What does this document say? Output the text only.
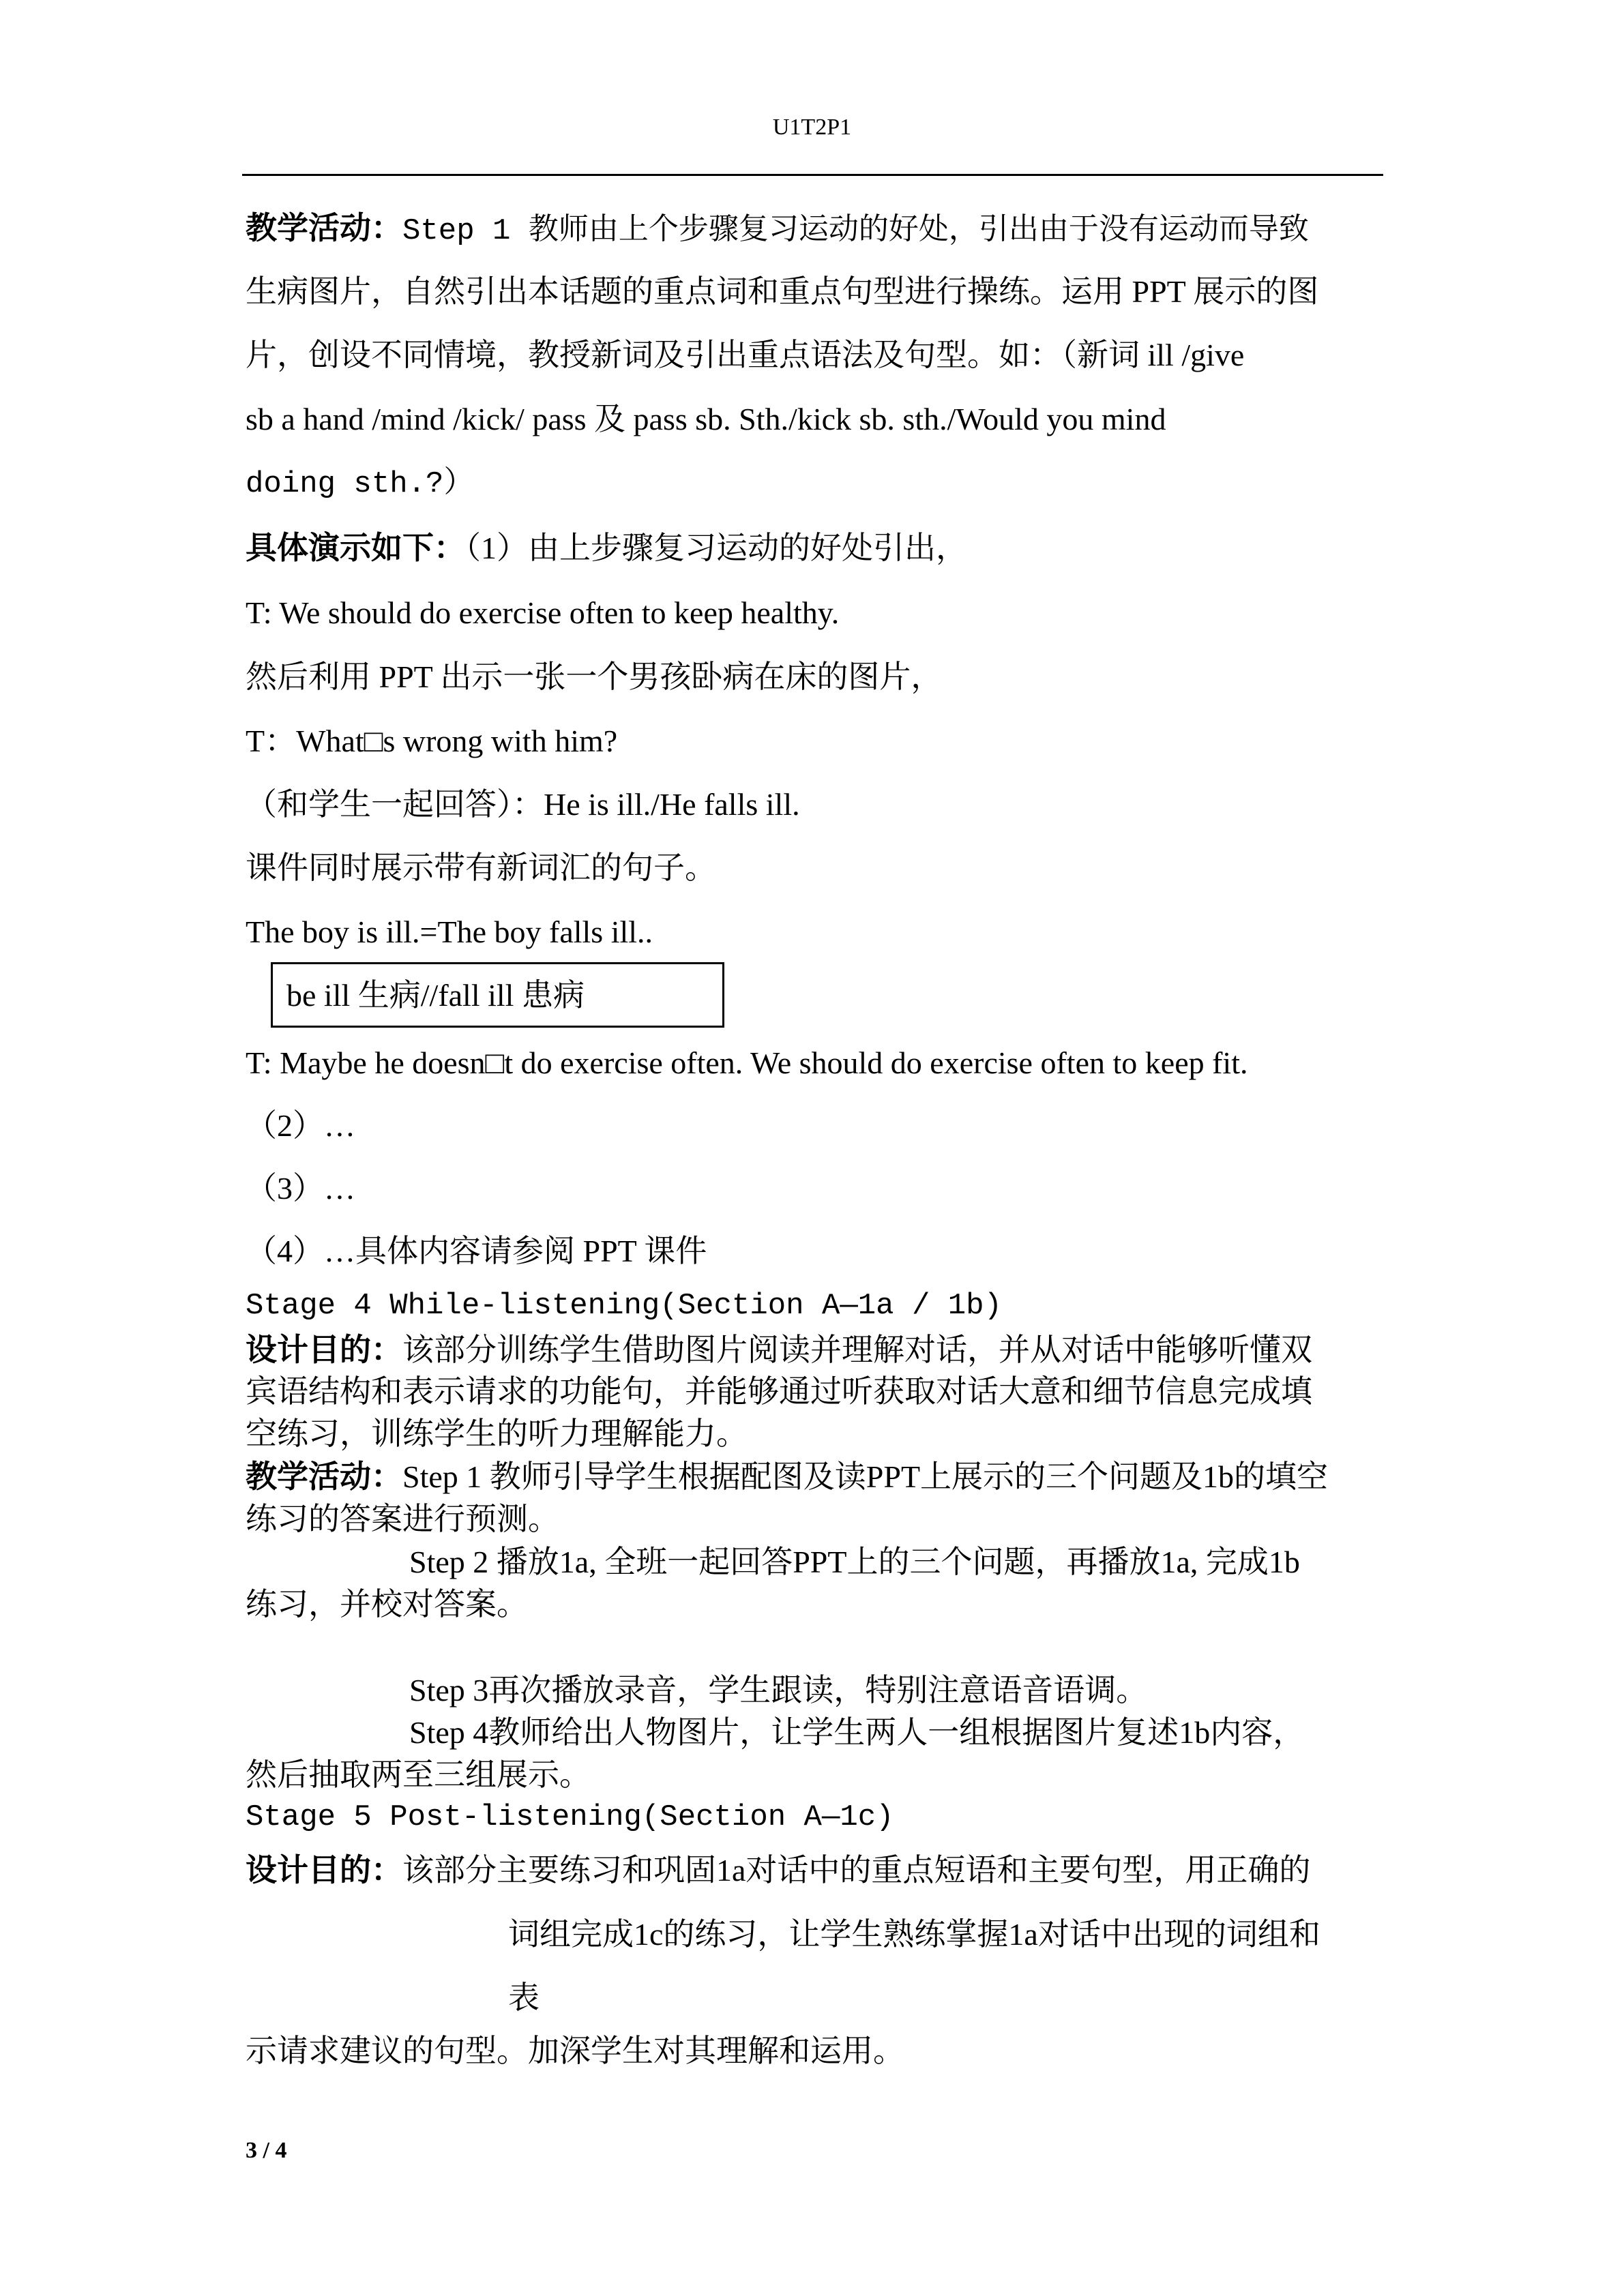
U1T2P1

教学活动：Step 1 教师由上个步骤复习运动的好处，引出由于没有运动而导致

生病图片，自然引出本话题的重点词和重点句型进行操练。运用 PPT 展示的图

片，创设不同情境，教授新词及引出重点语法及句型。如：（新词 ill /give

sb a hand /mind /kick/ pass 及 pass sb. Sth./kick sb. sth./Would you mind

doing sth.?）

具体演示如下：（1）由上步骤复习运动的好处引出，

T: We should do exercise often to keep healthy.

然后利用 PPT 出示一张一个男孩卧病在床的图片，

T：What□s wrong with him?

（和学生一起回答）：He is ill./He falls ill.

课件同时展示带有新词汇的句子。

The boy is ill.=The boy falls ill..

be ill 生病//fall ill 患病

T: Maybe he doesn□t do exercise often. We should do exercise often to keep fit.

（2）…

（3）…

（4）…具体内容请参阅 PPT 课件

Stage 4 While-listening(Section A—1a / 1b)

设计目的：该部分训练学生借助图片阅读并理解对话，并从对话中能够听懂双

宾语结构和表示请求的功能句，并能够通过听获取对话大意和细节信息完成填

空练习，训练学生的听力理解能力。

教学活动：Step 1 教师引导学生根据配图及读PPT上展示的三个问题及1b的填空

练习的答案进行预测。

Step 2 播放1a, 全班一起回答PPT上的三个问题，再播放1a, 完成1b

练习，并校对答案。

Step 3再次播放录音，学生跟读，特别注意语音语调。

Step 4教师给出人物图片，让学生两人一组根据图片复述1b内容，

然后抽取两至三组展示。

Stage 5 Post-listening(Section A—1c)

设计目的：该部分主要练习和巩固1a对话中的重点短语和主要句型，用正确的

词组完成1c的练习，让学生熟练掌握1a对话中出现的词组和

表

示请求建议的句型。加深学生对其理解和运用。

3 / 4
